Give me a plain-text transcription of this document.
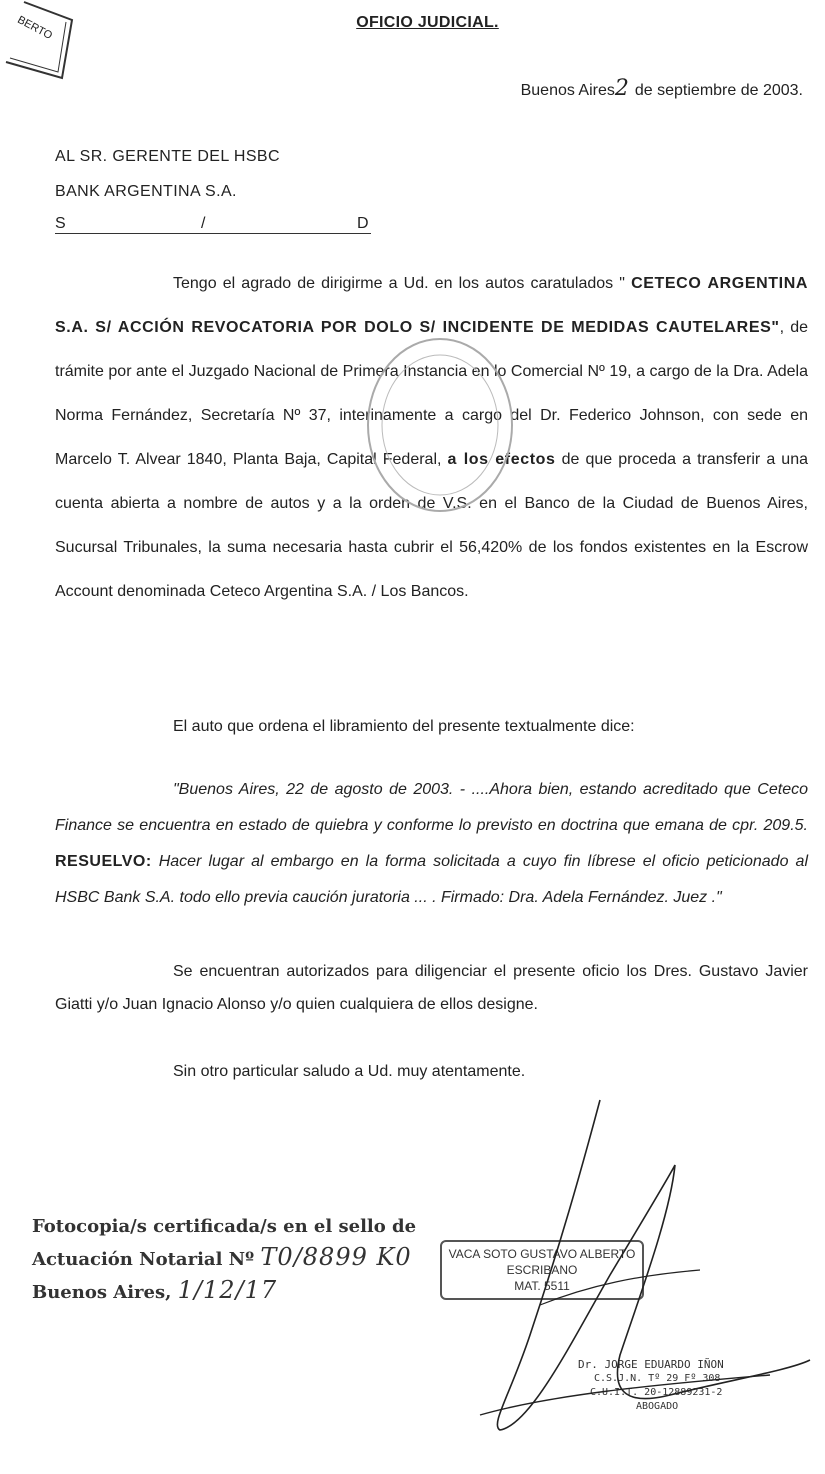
BERTO	OFICIO JUDICIAL.
Buenos Aires2 de septiembre de 2003.
AL SR. GERENTE DEL HSBC
BANK ARGENTINA S.A.
S	/	D
Tengo el agrado de dirigirme a Ud. en los autos caratulados " CETECO ARGENTINA S.A. S/ ACCIÓN REVOCATORIA POR DOLO S/ INCIDENTE DE MEDIDAS CAUTELARES", de trámite por ante el Juzgado Nacional de Primera Instancia en lo Comercial Nº 19, a cargo de la Dra. Adela Norma Fernández, Secretaría Nº 37, interinamente a cargo del Dr. Federico Johnson, con sede en Marcelo T. Alvear 1840, Planta Baja, Capital Federal, a los efectos de que proceda a transferir a una cuenta abierta a nombre de autos y a la orden de V.S. en el Banco de la Ciudad de Buenos Aires, Sucursal Tribunales, la suma necesaria hasta cubrir el 56,420% de los fondos existentes en la Escrow Account denominada Ceteco Argentina S.A. / Los Bancos.
El auto que ordena el libramiento del presente textualmente dice:
"Buenos Aires, 22 de agosto de 2003. - ....Ahora bien, estando acreditado que Ceteco Finance se encuentra en estado de quiebra y conforme lo previsto en doctrina que emana de cpr. 209.5. RESUELVO: Hacer lugar al embargo en la forma solicitada a cuyo fin líbrese el oficio peticionado al HSBC Bank S.A. todo ello previa caución juratoria ... . Firmado: Dra. Adela Fernández. Juez ."
Se encuentran autorizados para diligenciar el presente oficio los Dres. Gustavo Javier Giatti y/o Juan Ignacio Alonso y/o quien cualquiera de ellos designe.
Sin otro particular saludo a Ud. muy atentamente.
Fotocopia/s certificada/s en el sello de
Actuación Notarial Nº T0/8899 K0
Buenos Aires, 1/12/17
VACA SOTO GUSTAVO ALBERTO
ESCRIBANO
MAT. 5511
Dr. JORGE EDUARDO IÑON
C.S.J.N. Tº 29 Fº 308
C.U.I.T. 20-12889231-2
ABOGADO
